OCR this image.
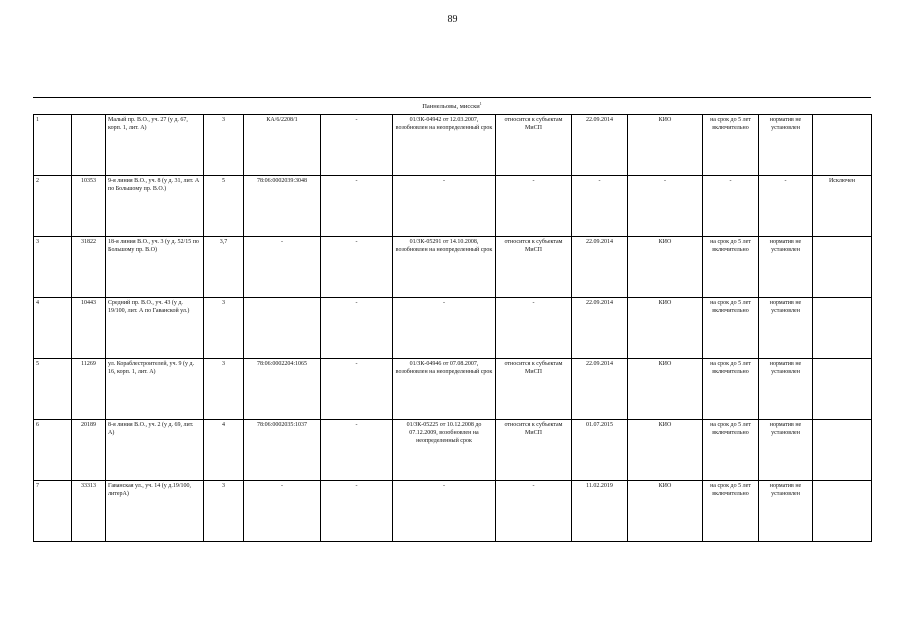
89
Паннельовы, мисски$^1$
1		Малый пр. В.О., уч. 27 (у д. 67, корп. 1, лит. А)	3	КА/6/2208/1	-	01/ЗК-04942 от 12.03.2007, возобновлен на неопределенный срок	относится к субъектам МиСП	22.09.2014	КИО	на срок до 5 лет включительно	норматив не установлен	
2	10353	9-я линия В.О., уч. 8 (у д. 31, лит. А по Большому пр. В.О.)	5	78:06:0002039:3048	-	-	-	-	-	-	-	Исключен
3	31822	18-я линия В.О., уч. 3 (у д. 52/15 по Большому пр. В.О)	3,7	-	-	01/ЗК-05291 от 14.10.2008, возобновлен на неопределенный срок	относится к субъектам МиСП	22.09.2014	КИО	на срок до 5 лет включительно	норматив не установлен	
4	10443	Средний пр. В.О., уч. 43 (у д. 19/100, лит. А по Гаванской ул.)	3		-	-	-	22.09.2014	КИО	на срок до 5 лет включительно	норматив не установлен	
5	11269	ул. Кораблестроителей, уч. 9 (у д. 16, корп. 1, лит. А)	3	78:06:0002204:1065	-	01/ЗК-04946 от 07.08.2007, возобновлен на неопределенный срок	относится к субъектам МиСП	22.09.2014	КИО	на срок до 5 лет включительно	норматив не установлен	
6	20189	8-я линия В.О., уч. 2 (у д. 69, лит. А)	4	78:06:0002035:1037	-	01/ЗК-05225 от 10.12.2008 до 07.12.2009, возобновлен на неопределенный срок	относится к субъектам МиСП	01.07.2015	КИО	на срок до 5 лет включительно	норматив не установлен	
7	33313	Гаванская ул., уч. 14 (у д.19/100, литерА)	3	-	-	-	-	11.02.2019	КИО	на срок до 5 лет включительно	норматив не установлен	
